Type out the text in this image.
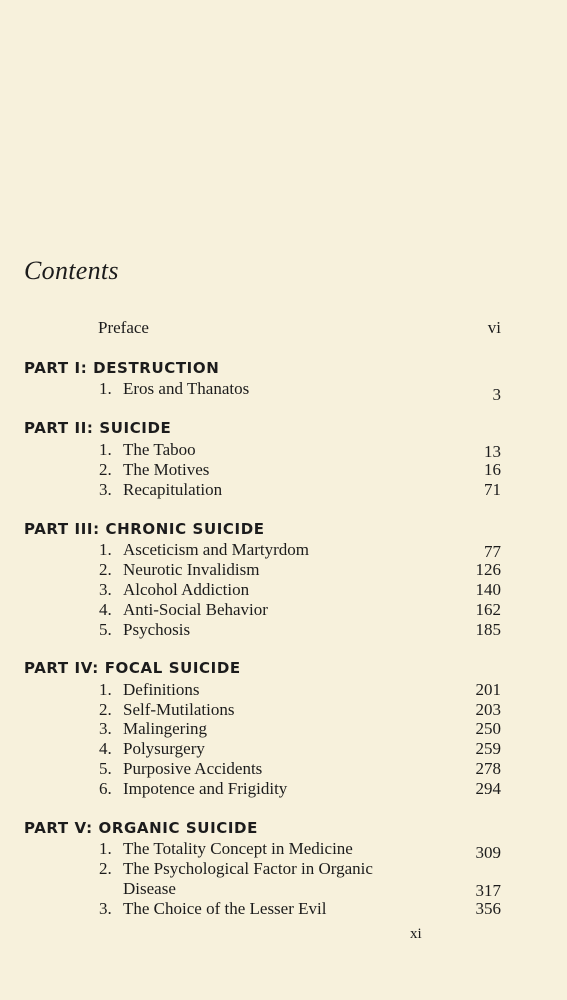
Contents
Preface	vi
PART I: DESTRUCTION
1. Eros and Thanatos	3
PART II: SUICIDE
1. The Taboo	13
2. The Motives	16
3. Recapitulation	71
PART III: CHRONIC SUICIDE
1. Asceticism and Martyrdom	77
2. Neurotic Invalidism	126
3. Alcohol Addiction	140
4. Anti-Social Behavior	162
5. Psychosis	185
PART IV: FOCAL SUICIDE
1. Definitions	201
2. Self-Mutilations	203
3. Malingering	250
4. Polysurgery	259
5. Purposive Accidents	278
6. Impotence and Frigidity	294
PART V: ORGANIC SUICIDE
1. The Totality Concept in Medicine	309
2. The Psychological Factor in Organic
Disease	317
3. The Choice of the Lesser Evil	356
xi
